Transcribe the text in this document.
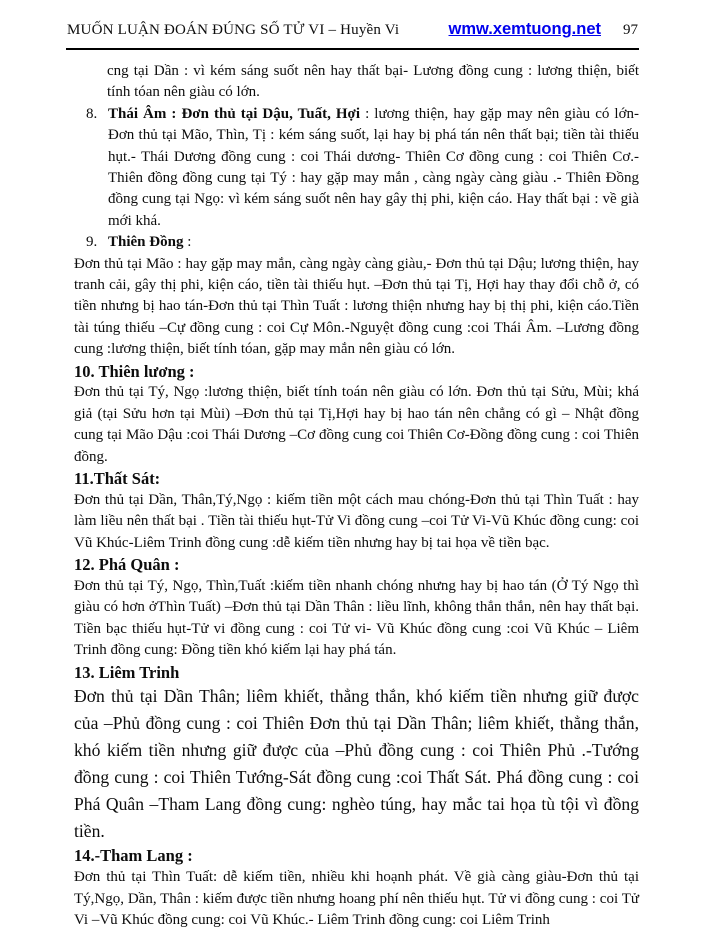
MUỐN LUẬN ĐOÁN ĐÚNG SỐ TỬ VI – Huyền Vi	wmw.xemtuong.net 97

cng tại Dần : vì kém sáng suốt nên hay thất bại- Lương đồng cung : lương thiện, biết tính tóan nên giàu có lớn.

8. Thái Âm : Đơn thủ tại Dậu, Tuất, Hợi : lương thiện, hay gặp may nên giàu có lớn- Đơn thủ tại Mão, Thìn, Tị : kém sáng suốt, lại hay bị phá tán nên thất bại; tiền tài thiếu hụt.- Thái Dương đồng cung : coi Thái dương- Thiên Cơ đồng cung : coi Thiên Cơ.- Thiên đồng đồng cung tại Tý : hay gặp may mắn , càng ngày càng giàu .- Thiên Đồng đồng cung tại Ngọ: vì kém sáng suốt nên hay gây thị phi, kiện cáo. Hay thất bại : về già mới khá.
9. Thiên Đồng :

Đơn thủ tại Mão : hay gặp may mắn, càng ngày càng giàu,- Đơn thủ tại Dậu; lương thiện, hay tranh cải, gây thị phi, kiện cáo, tiền tài thiếu hụt. –Đơn thủ tại Tị, Hợi hay thay đổi chỗ ở, có tiền nhưng bị hao tán-Đơn thủ tại Thìn Tuất : lương thiện nhưng hay bị thị phi, kiện cáo.Tiền tài túng thiếu –Cự đồng cung : coi Cự Môn.-Nguyệt đồng cung :coi Thái Âm. –Lương đồng cung :lương thiện, biết tính tóan, gặp may mắn nên giàu có lớn.

10. Thiên lương :

Đơn thủ tại Tý, Ngọ :lương thiện, biết tính toán nên giàu có lớn. Đơn thủ tại Sửu, Mùi; khá giả (tại Sửu hơn tại Mùi) –Đơn thủ tại Tị,Hợi hay bị hao tán nên chẳng có gì – Nhật đồng cung tại Mão Dậu :coi Thái Dương –Cơ đồng cung coi Thiên Cơ-Đồng đồng cung : coi Thiên đồng.

11.Thất Sát:

Đơn thủ tại Dần, Thân,Tý,Ngọ : kiếm tiền một cách mau chóng-Đơn thủ tại Thìn Tuất : hay làm liều nên thất bại . Tiền tài thiếu hụt-Tử Vi đồng cung –coi Tử Vi-Vũ Khúc đồng cung: coi Vũ Khúc-Liêm Trinh đồng cung :dễ kiếm tiền nhưng hay bị tai họa về tiền bạc.

12. Phá Quân :

Đơn thủ tại Tý, Ngọ, Thìn,Tuất :kiếm tiền nhanh chóng nhưng hay bị hao tán (Ở Tý Ngọ thì giàu có hơn ởThìn Tuất) –Đơn thủ tại Dần Thân : liều lĩnh, không thẳn thắn, nên hay thất bại. Tiền bạc thiếu hụt-Tử vi đồng cung : coi Tử vi- Vũ Khúc đồng cung :coi Vũ Khúc – Liêm Trinh đồng cung: Đồng tiền khó kiếm lại hay phá tán.

13. Liêm Trinh

Đơn thủ tại Dần Thân; liêm khiết, thẳng thắn, khó kiếm tiền nhưng giữ được của –Phủ đồng cung : coi Thiên Đơn thủ tại Dần Thân; liêm khiết, thẳng thắn, khó kiếm tiền nhưng giữ được của –Phủ đồng cung : coi Thiên Phủ .-Tướng đồng cung : coi Thiên Tướng-Sát đồng cung :coi Thất Sát. Phá đồng cung : coi Phá Quân –Tham Lang đồng cung: nghèo túng, hay mắc tai họa tù tội vì đồng tiền.

14.-Tham Lang :

Đơn thủ tại Thìn Tuất: dễ kiếm tiền, nhiều khi hoạnh phát. Về già càng giàu-Đơn thủ tại Tý,Ngọ, Dần, Thân : kiếm được tiền nhưng hoang phí nên thiếu hụt. Tử vi đồng cung : coi Tử Vi –Vũ Khúc đồng cung: coi Vũ Khúc.- Liêm Trinh đồng cung: coi Liêm Trinh
